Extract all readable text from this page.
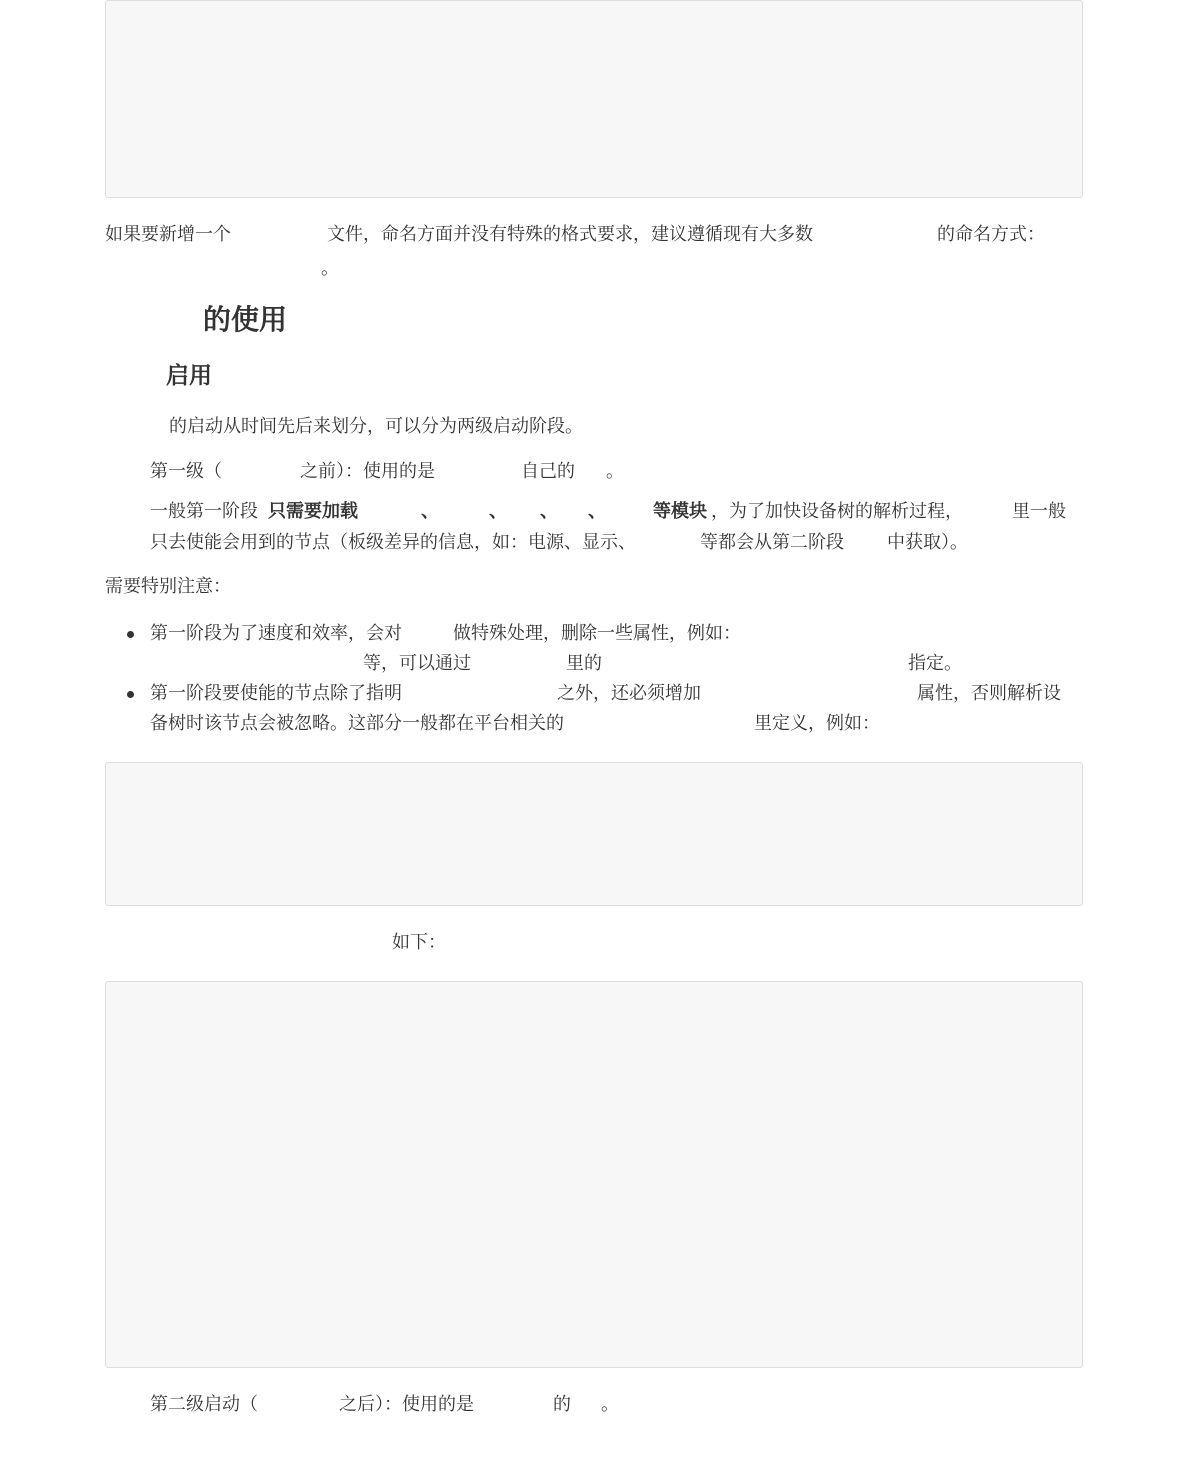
如果要新增一个	文件，命名方面并没有特殊的格式要求，建议遵循现有大多数	的命名方式：
。
的使用
启用
的启动从时间先后来划分，可以分为两级启动阶段。
第一级（	之前）：使用的是	自己的 。
一般第一阶段 只需要加载	、	、 、 、	等模块 ，为了加快设备树的解析过程，	里一般
只去使能会用到的节点（板级差异的信息，如：电源、显示、	等都会从第二阶段 中获取）。
需要特别注意：
第一阶段为了速度和效率，会对	做特殊处理，删除一些属性，例如：
等，可以通过	里的	指定。
第一阶段要使能的节点除了指明	之外，还必须增加	属性，否则解析设
备树时该节点会被忽略。这部分一般都在平台相关的	里定义，例如：
如下：
第二级启动（	之后）：使用的是	的 。
